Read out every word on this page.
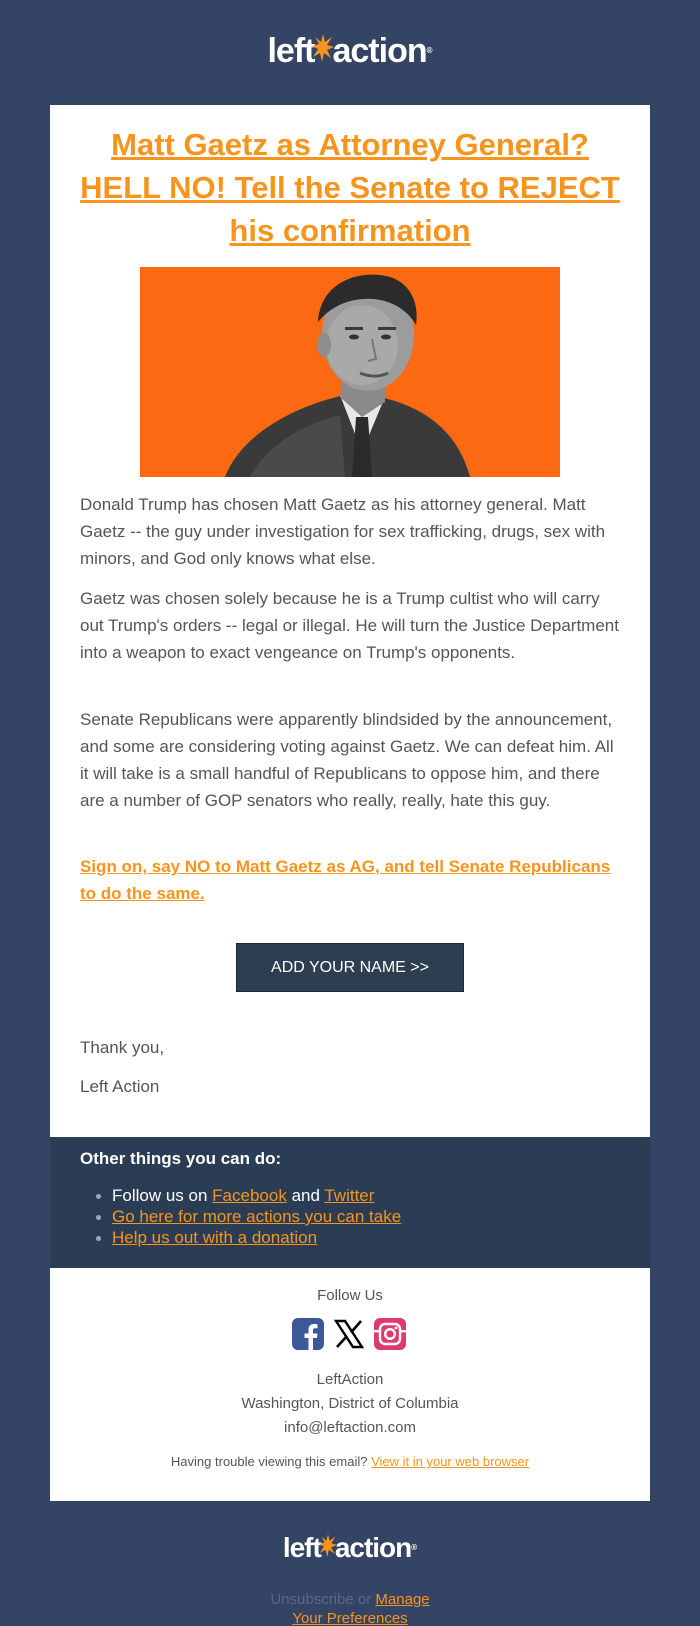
left action®
Matt Gaetz as Attorney General? HELL NO! Tell the Senate to REJECT his confirmation

Donald Trump has chosen Matt Gaetz as his attorney general. Matt Gaetz -- the guy under investigation for sex trafficking, drugs, sex with minors, and God only knows what else.

Gaetz was chosen solely because he is a Trump cultist who will carry out Trump's orders -- legal or illegal. He will turn the Justice Department into a weapon to exact vengeance on Trump's opponents.

Senate Republicans were apparently blindsided by the announcement, and some are considering voting against Gaetz. We can defeat him. All it will take is a small handful of Republicans to oppose him, and there are a number of GOP senators who really, really, hate this guy.

Sign on, say NO to Matt Gaetz as AG, and tell Senate Republicans to do the same.
ADD YOUR NAME >>
Thank you,
Left Action
Other things you can do:
Follow us on Facebook and Twitter
Go here for more actions you can take
Help us out with a donation
Follow Us
LeftAction
Washington, District of Columbia
info@leftaction.com
Having trouble viewing this email? View it in your web browser
left action®
Unsubscribe or Manage
Your Preferences
